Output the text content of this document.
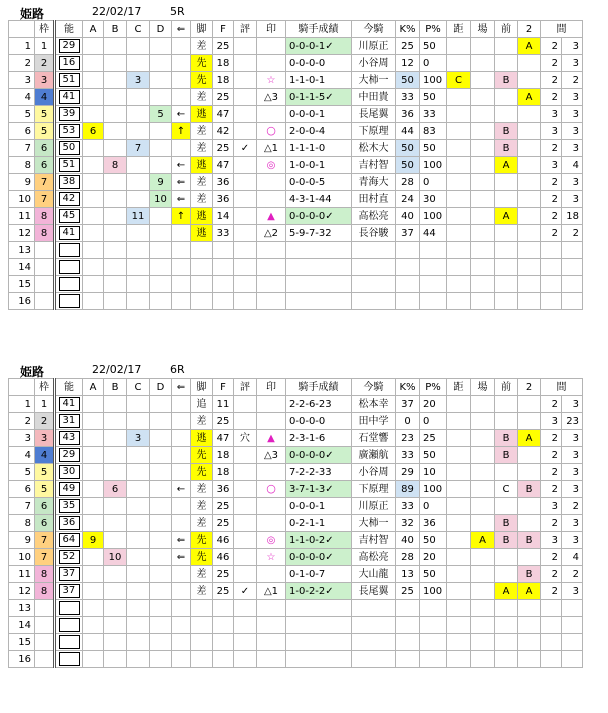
姫路	22/02/17	5R
	枠	能	A	B	C	D	⇐	脚	F	評	印	騎手成績	今騎	K%	P%	距	場	前	2	間	
1	1	29						差	25			0-0-0-1✓	川原正	25	50				A	2	3
2	2	16						先	18			0-0-0-0	小谷周	12	0					2	3
3	3	51			3			先	18		☆	1-1-0-1	大柿一	50	100	C		B		2	2
4	4	41						差	25		△3	0-1-1-5✓	中田貴	33	50				A	2	3
5	5	39				5	←	逃	47			0-0-0-1	長尾翼	36	33					3	3
6	5	53	6				↑	差	42		○	2-0-0-4	下原理	44	83			B		3	3
7	6	50			7			差	25	✓	△1	1-1-1-0	松木大	50	50			B		2	3
8	6	51		8			←	逃	47		◎	1-0-0-1	吉村智	50	100			A		3	4
9	7	38				9	⇐	差	36			0-0-0-5	青海大	28	0					2	3
10	7	42				10	⇐	差	36			4-3-1-44	田村直	24	30					2	3
11	8	45			11		↑	逃	14		▲	0-0-0-0✓	高松亮	40	100			A		2	18
12	8	41						逃	33		△2	5-9-7-32	長谷駿	37	44					2	2
13																					
14																					
15																					
16																					
姫路	22/02/17	6R
	枠	能	A	B	C	D	⇐	脚	F	評	印	騎手成績	今騎	K%	P%	距	場	前	2	間	
1	1	41						追	11			2-2-6-23	松本幸	37	20					2	3
2	2	31						差	25			0-0-0-0	田中学	0	0					3	23
3	3	43			3			逃	47	穴	▲	2-3-1-6	石堂響	23	25			B	A	2	3
4	4	29						先	18		△3	0-0-0-0✓	廣瀬航	33	50			B		2	3
5	5	30						先	18			7-2-2-33	小谷周	29	10					2	3
6	5	49		6			←	差	36		○	3-7-1-3✓	下原理	89	100			C	B	2	3
7	6	35						差	25			0-0-0-1	川原正	33	0					3	2
8	6	36						差	25			0-2-1-1	大柿一	32	36			B		2	3
9	7	64	9				⇐	先	46		◎	1-1-0-2✓	吉村智	40	50		A	B	B	3	3
10	7	52		10			⇐	先	46		☆	0-0-0-0✓	高松亮	28	20					2	4
11	8	37						差	25			0-1-0-7	大山龍	13	50				B	2	2
12	8	37						差	25	✓	△1	1-0-2-2✓	長尾翼	25	100			A	A	2	3
13																					
14																					
15																					
16																					
